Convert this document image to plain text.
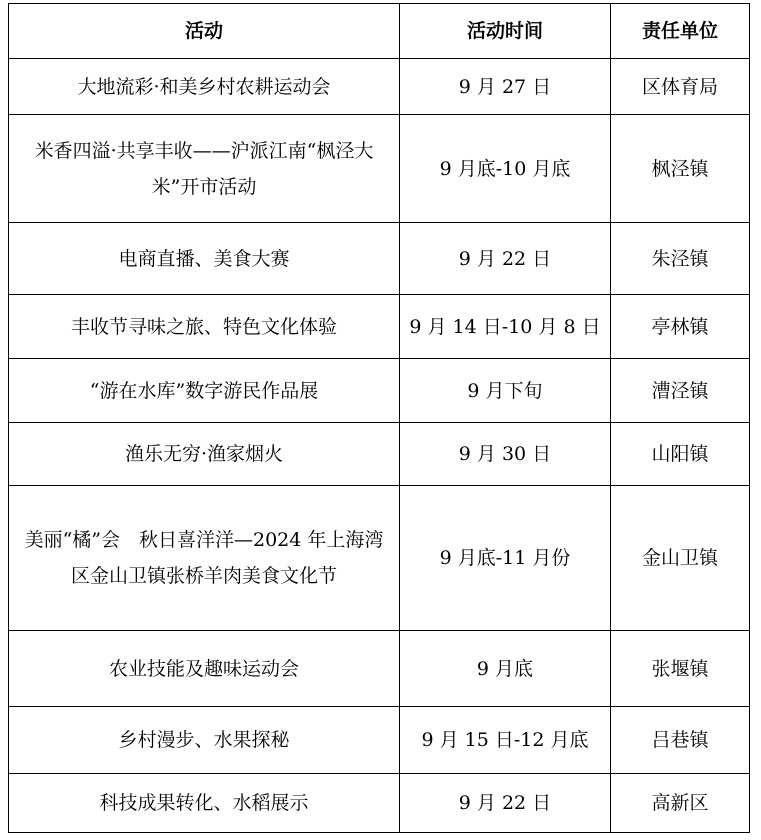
活动	活动时间	责任单位
大地流彩·和美乡村农耕运动会	9 月 27 日	区体育局
米香四溢·共享丰收——沪派江南“枫泾大米”开市活动	9 月底-10 月底	枫泾镇
电商直播、美食大赛	9 月 22 日	朱泾镇
丰收节寻味之旅、特色文化体验	9 月 14 日-10 月 8 日	亭林镇
“游在水库”数字游民作品展	9 月下旬	漕泾镇
渔乐无穷·渔家烟火	9 月 30 日	山阳镇
美丽“橘”会　秋日喜洋洋—2024 年上海湾区金山卫镇张桥羊肉美食文化节	9 月底-11 月份	金山卫镇
农业技能及趣味运动会	9 月底	张堰镇
乡村漫步、水果探秘	9 月 15 日-12 月底	吕巷镇
科技成果转化、水稻展示	9 月 22 日	高新区
